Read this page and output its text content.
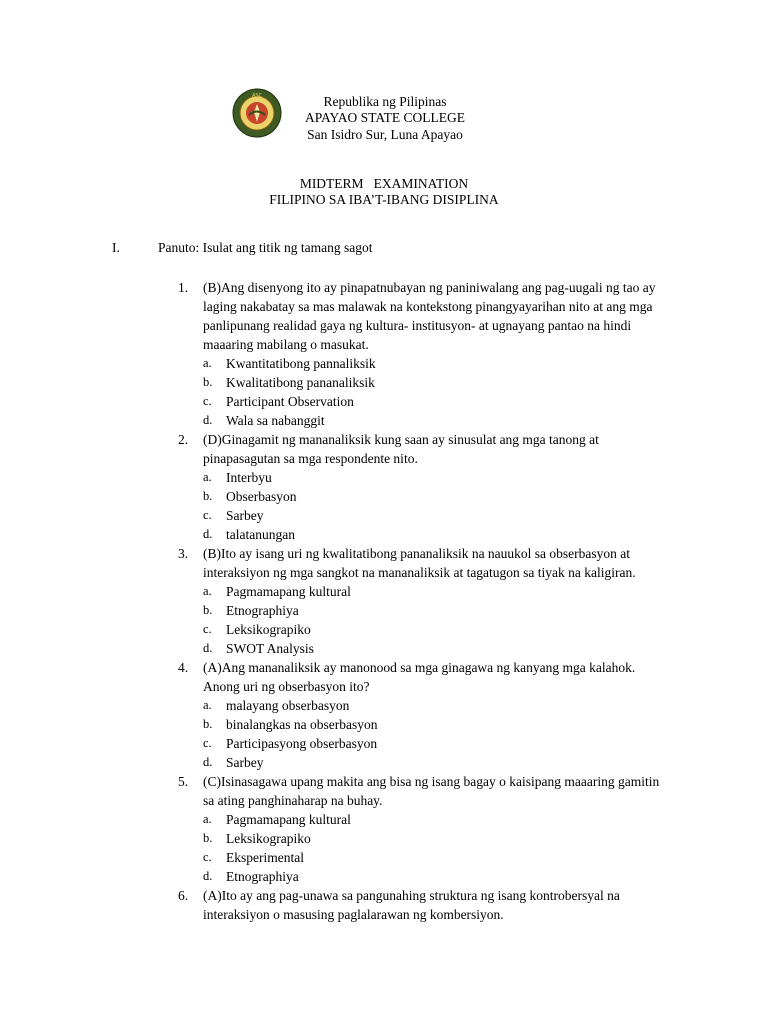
ASC	Republika ng Pilipinas
APAYAO STATE COLLEGE
San Isidro Sur, Luna Apayao
MIDTERM   EXAMINATION
FILIPINO SA IBA’T-IBANG DISIPLINA
I.	Panuto: Isulat ang titik ng tamang sagot
1.	(B)Ang disenyong ito ay pinapatnubayan ng paniniwalang ang pag-uugali ng tao ay
laging nakabatay sa mas malawak na kontekstong pinangyayarihan nito at ang mga
panlipunang realidad gaya ng kultura- institusyon- at ugnayang pantao na hindi
maaaring mabilang o masukat.
a. Kwantitatibong pannaliksik
b. Kwalitatibong pananaliksik
c. Participant Observation
d. Wala sa nabanggit
2.	(D)Ginagamit ng mananaliksik kung saan ay sinusulat ang mga tanong at
pinapasagutan sa mga respondente nito.
a. Interbyu
b. Obserbasyon
c. Sarbey
d. talatanungan
3.	(B)Ito ay isang uri ng kwalitatibong pananaliksik na nauukol sa obserbasyon at
interaksiyon ng mga sangkot na mananaliksik at tagatugon sa tiyak na kaligiran.
a. Pagmamapang kultural
b. Etnographiya
c. Leksikograpiko
d. SWOT Analysis
4.	(A)Ang mananaliksik ay manonood sa mga ginagawa ng kanyang mga kalahok.
Anong uri ng obserbasyon ito?
a. malayang obserbasyon
b. binalangkas na obserbasyon
c. Participasyong obserbasyon
d. Sarbey
5.	(C)Isinasagawa upang makita ang bisa ng isang bagay o kaisipang maaaring gamitin
sa ating panghinaharap na buhay.
a. Pagmamapang kultural
b. Leksikograpiko
c. Eksperimental
d. Etnographiya
6.	(A)Ito ay ang pag-unawa sa pangunahing struktura ng isang kontrobersyal na
interaksiyon o masusing paglalarawan ng kombersiyon.
